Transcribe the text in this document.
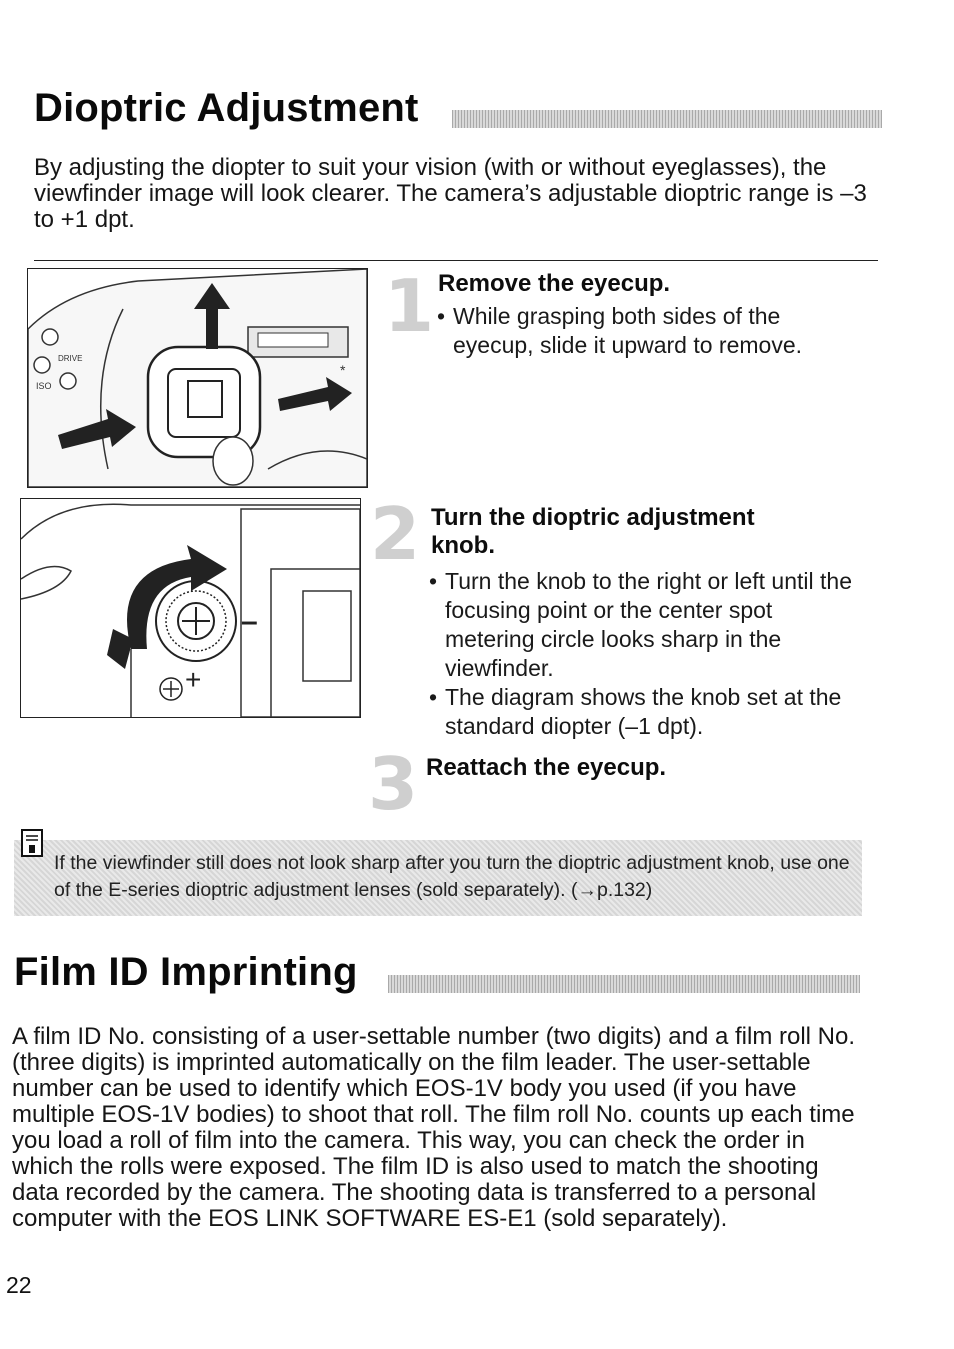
Dioptric Adjustment

By adjusting the diopter to suit your vision (with or without eyeglasses), the viewfinder image will look clearer. The camera’s adjustable dioptric range is –3 to +1 dpt.

ISO
DRIVE
*
1 Remove the eyecup.
• While grasping both sides of the eyecup, slide it upward to remove.
–
+
2 Turn the dioptric adjustment knob.
• Turn the knob to the right or left until the focusing point or the center spot metering circle looks sharp in the viewfinder.
• The diagram shows the knob set at the standard diopter (–1 dpt).
3 Reattach the eyecup.

If the viewfinder still does not look sharp after you turn the dioptric adjustment knob, use one of the E-series dioptric adjustment lenses (sold separately). (→p.132)

Film ID Imprinting

A film ID No. consisting of a user-settable number (two digits) and a film roll No. (three digits) is imprinted automatically on the film leader. The user-settable number can be used to identify which EOS-1V body you used (if you have multiple EOS-1V bodies) to shoot that roll. The film roll No. counts up each time you load a roll of film into the camera. This way, you can check the order in which the rolls were exposed. The film ID is also used to match the shooting data recorded by the camera. The shooting data is transferred to a personal computer with the EOS LINK SOFTWARE ES-E1 (sold separately).

22
